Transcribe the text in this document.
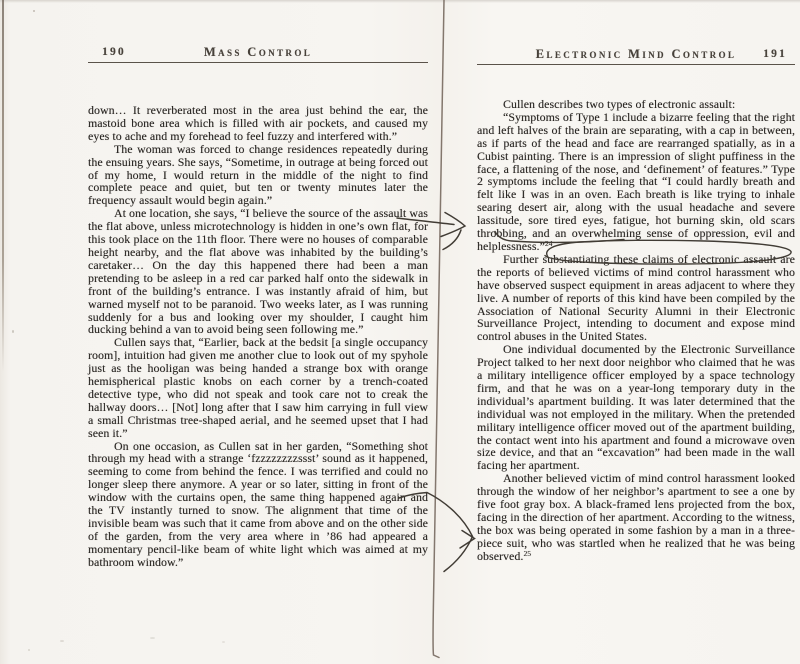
190	Mass Control

down… It reverberated most in the area just behind the ear, the mastoid bone area which is filled with air pockets, and caused my eyes to ache and my forehead to feel fuzzy and interfered with.”

The woman was forced to change residences repeatedly during the ensuing years. She says, “Sometime, in outrage at being forced out of my home, I would return in the middle of the night to find complete peace and quiet, but ten or twenty minutes later the frequency assault would begin again.”

At one location, she says, “I believe the source of the assault was the flat above, unless microtechnology is hidden in one’s own flat, for this took place on the 11th floor. There were no houses of comparable height nearby, and the flat above was inhabited by the building’s caretaker… On the day this happened there had been a man pretending to be asleep in a red car parked half onto the sidewalk in front of the building’s entrance. I was instantly afraid of him, but warned myself not to be paranoid. Two weeks later, as I was running suddenly for a bus and looking over my shoulder, I caught him ducking behind a van to avoid being seen following me.”

Cullen says that, “Earlier, back at the bedsit [a single occupancy room], intuition had given me another clue to look out of my spyhole just as the hooligan was being handed a strange box with orange hemispherical plastic knobs on each corner by a trench-coated detective type, who did not speak and took care not to creak the hallway doors… [Not] long after that I saw him carrying in full view a small Christmas tree-shaped aerial, and he seemed upset that I had seen it.”

On one occasion, as Cullen sat in her garden, “Something shot through my head with a strange ‘fzzzzzzzzssst’ sound as it happened, seeming to come from behind the fence. I was terrified and could no longer sleep there anymore. A year or so later, sitting in front of the window with the curtains open, the same thing happened again and the TV instantly turned to snow. The alignment that time of the invisible beam was such that it came from above and on the other side of the garden, from the very area where in ’86 had appeared a momentary pencil-like beam of white light which was aimed at my bathroom window.”

Electronic Mind Control 191

Cullen describes two types of electronic assault:

“Symptoms of Type 1 include a bizarre feeling that the right and left halves of the brain are separating, with a cap in between, as if parts of the head and face are rearranged spatially, as in a Cubist painting. There is an impression of slight puffiness in the face, a flattening of the nose, and ‘definement’ of features.” Type 2 symptoms include the feeling that “I could hardly breath and felt like I was in an oven. Each breath is like trying to inhale searing desert air, along with the usual headache and severe lassitude, sore tired eyes, fatigue, hot burning skin, old scars throbbing, and an overwhelming sense of oppression, evil and helplessness.”$^{24}$

Further substantiating these claims of electronic assault are the reports of believed victims of mind control harassment who have observed suspect equipment in areas adjacent to where they live. A number of reports of this kind have been compiled by the Association of National Security Alumni in their Electronic Surveillance Project, intending to document and expose mind control abuses in the United States.

One individual documented by the Electronic Surveillance Project talked to her next door neighbor who claimed that he was a military intelligence officer employed by a space technology firm, and that he was on a year-long temporary duty in the individual’s apartment building. It was later determined that the individual was not employed in the military. When the pretended military intelligence officer moved out of the apartment building, the contact went into his apartment and found a microwave oven size device, and that an “excavation” had been made in the wall facing her apartment.

Another believed victim of mind control harassment looked through the window of her neighbor’s apartment to see a one by five foot gray box. A black-framed lens projected from the box, facing in the direction of her apartment. According to the witness, the box was being operated in some fashion by a man in a three-piece suit, who was startled when he realized that he was being observed.$^{25}$
